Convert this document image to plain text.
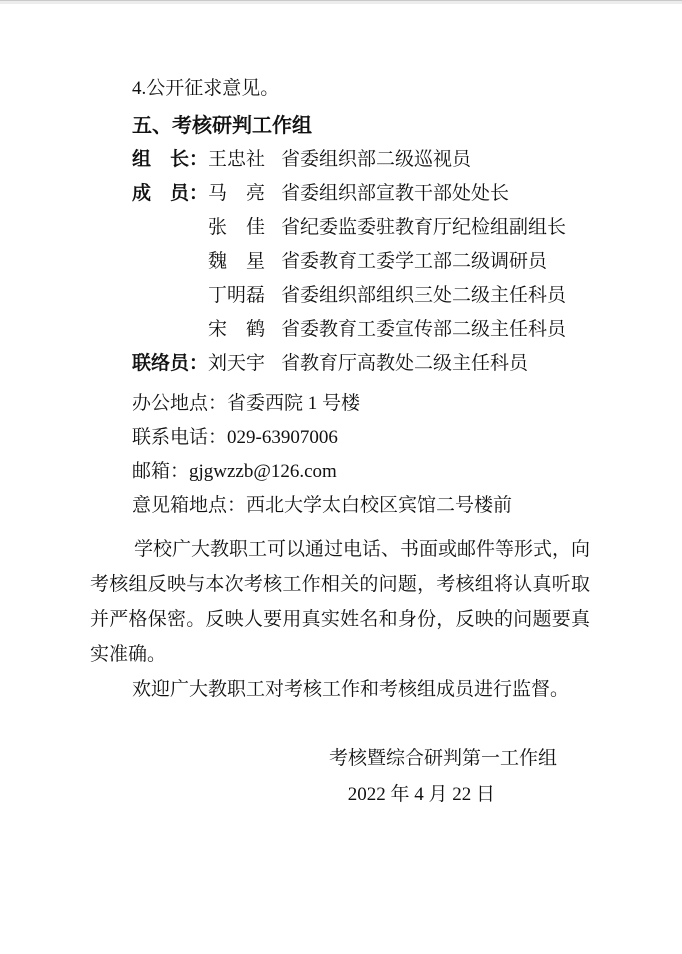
4.公开征求意见。
五、考核研判工作组
组　长： 王忠社 省委组织部二级巡视员
成　员： 马　亮 省委组织部宣教干部处处长
张　佳 省纪委监委驻教育厅纪检组副组长
魏　星 省委教育工委学工部二级调研员
丁明磊 省委组织部组织三处二级主任科员
宋　鹤 省委教育工委宣传部二级主任科员
联络员： 刘天宇 省教育厅高教处二级主任科员
办公地点：省委西院 1 号楼
联系电话：029-63907006
邮箱：gjgwzzb@126.com
意见箱地点：西北大学太白校区宾馆二号楼前

学校广大教职工可以通过电话、书面或邮件等形式，向考核组反映与本次考核工作相关的问题，考核组将认真听取并严格保密。反映人要用真实姓名和身份，反映的问题要真实准确。

欢迎广大教职工对考核工作和考核组成员进行监督。
考核暨综合研判第一工作组
2022 年 4 月 22 日
